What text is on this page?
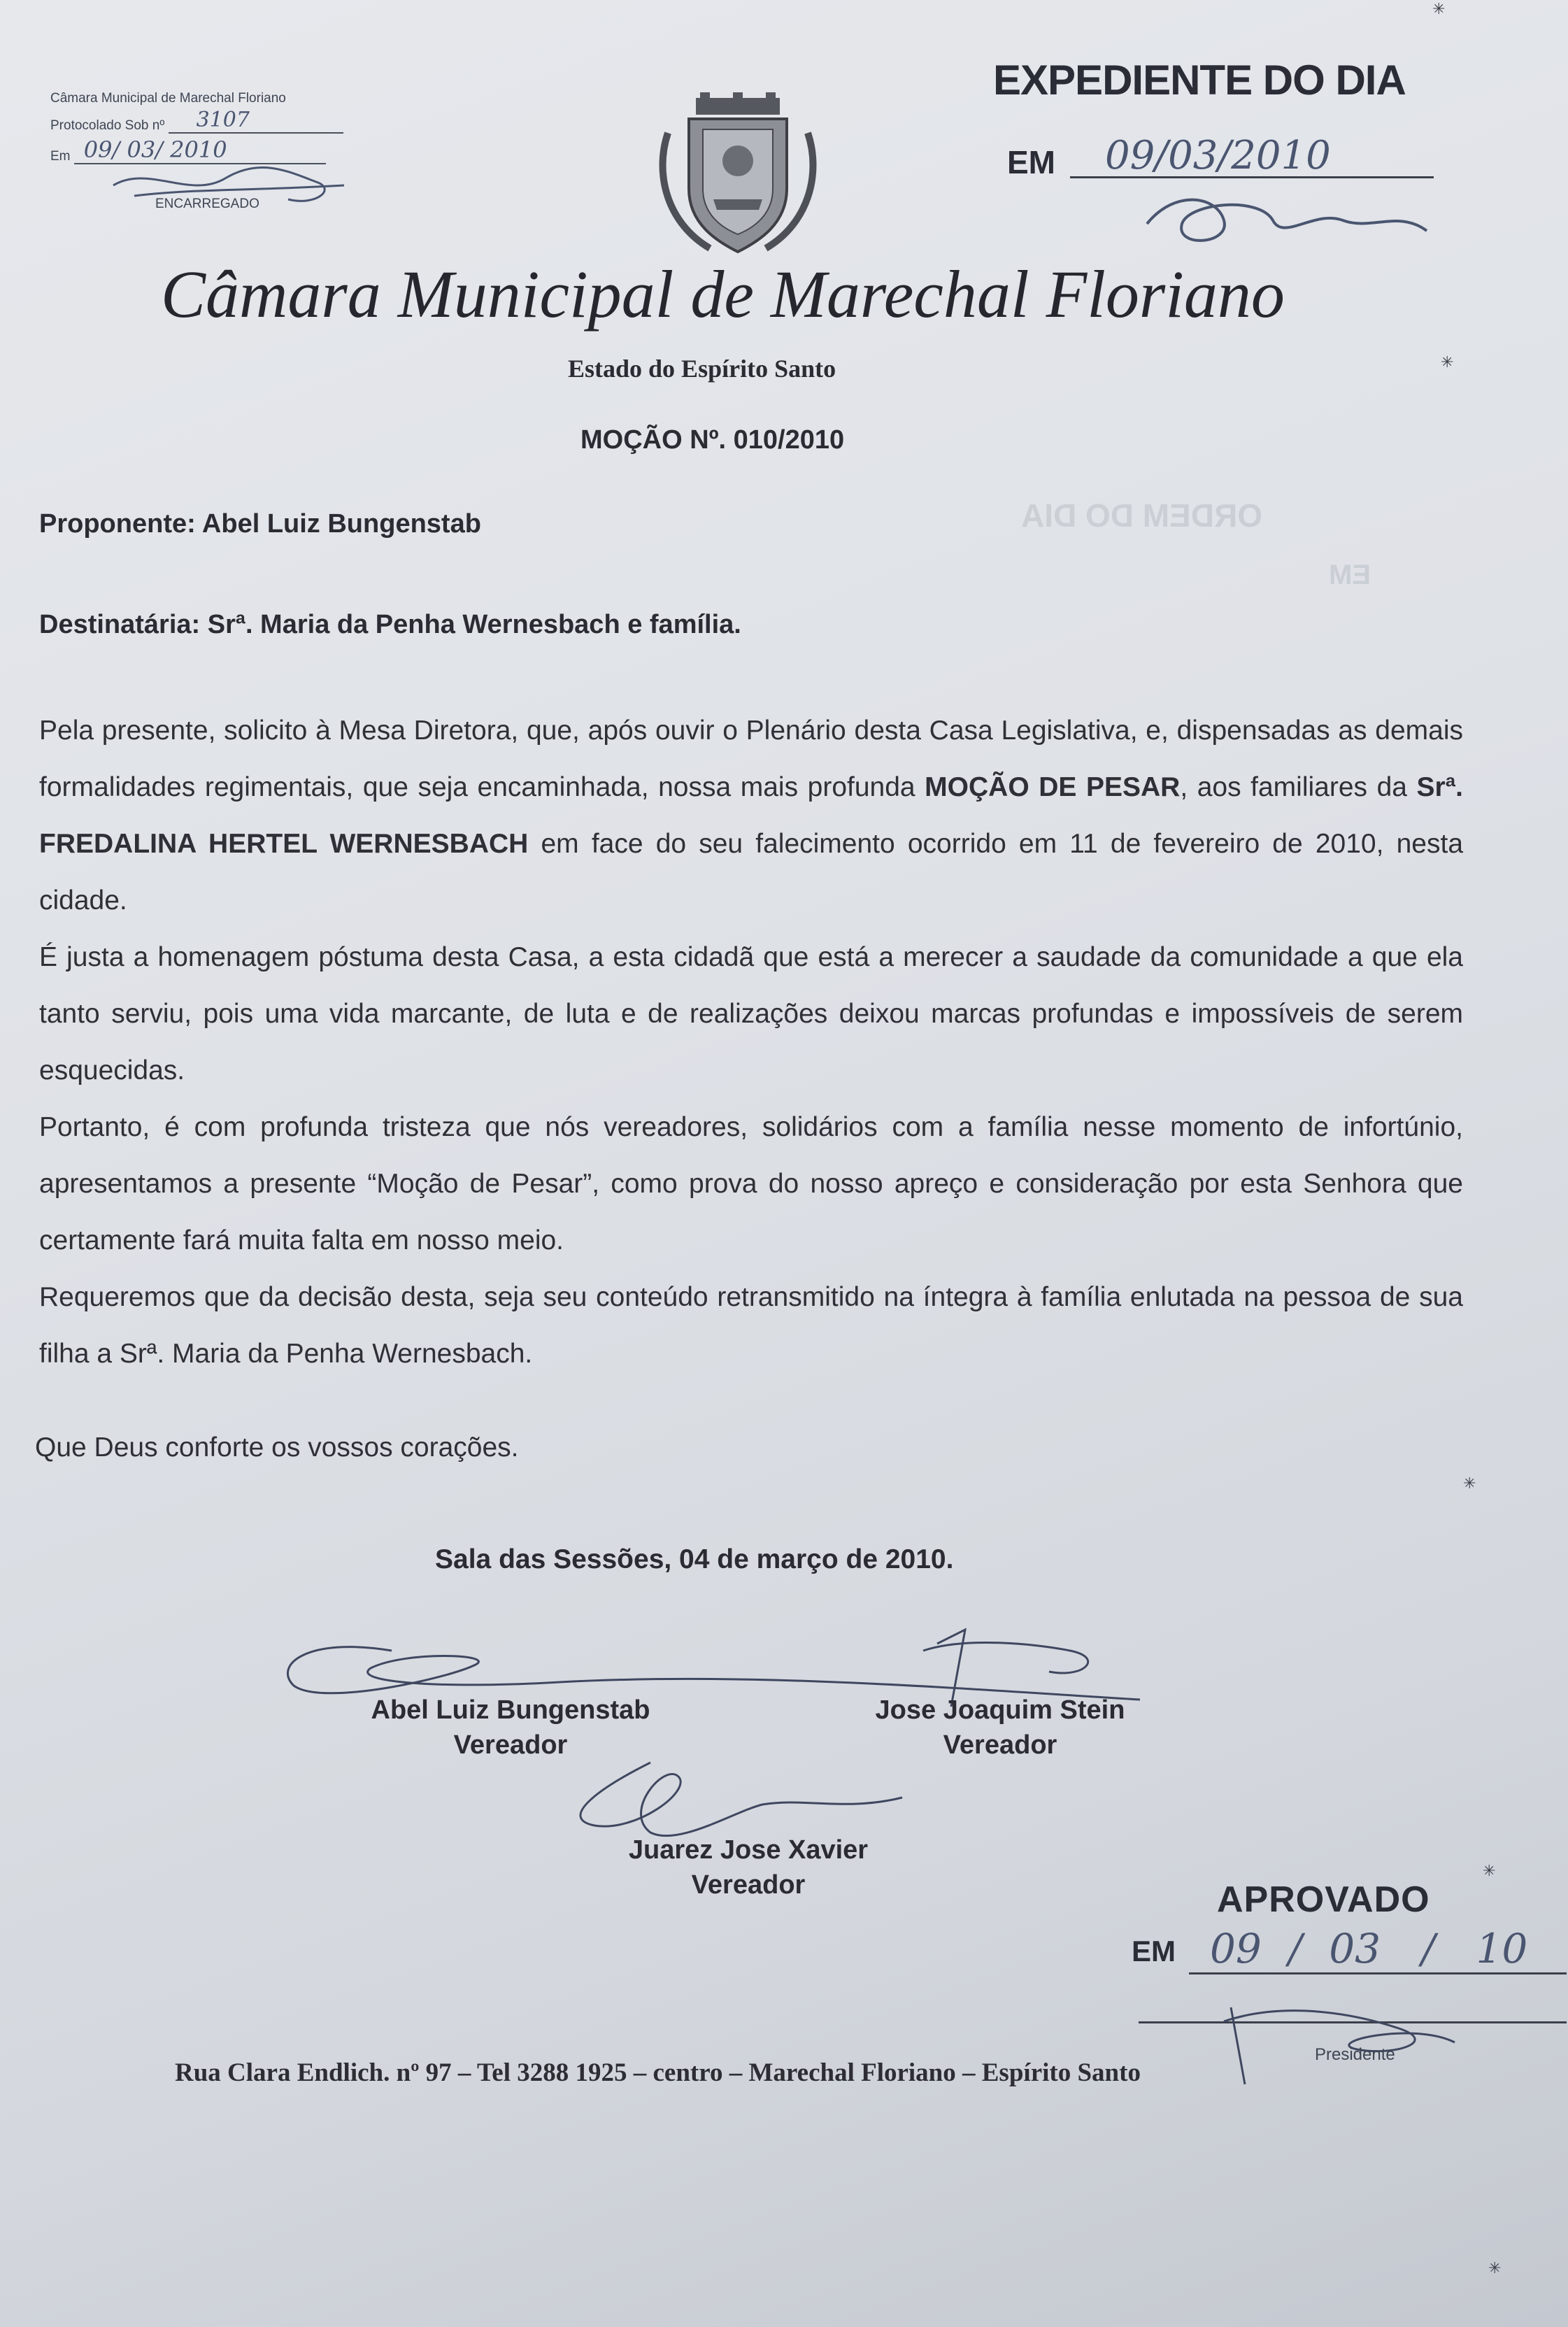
ORDEM DO DIA
EM
Câmara Municipal de Marechal Floriano
Protocolado Sob nº 3107
Em 09/ 03/ 2010
ENCARREGADO
EXPEDIENTE DO DIA
EM 09/03/2010
Câmara Municipal de Marechal Floriano
Estado do Espírito Santo
MOÇÃO Nº. 010/2010
Proponente: Abel Luiz Bungenstab
Destinatária: Srª. Maria da Penha Wernesbach e família.

Pela presente, solicito à Mesa Diretora, que, após ouvir o Plenário desta Casa Legislativa, e, dispensadas as demais formalidades regimentais, que seja encaminhada, nossa mais profunda MOÇÃO DE PESAR, aos familiares da Srª. FREDALINA HERTEL WERNESBACH em face do seu falecimento ocorrido em 11 de fevereiro de 2010, nesta cidade.

É justa a homenagem póstuma desta Casa, a esta cidadã que está a merecer a saudade da comunidade a que ela tanto serviu, pois uma vida marcante, de luta e de realizações deixou marcas profundas e impossíveis de serem esquecidas.

Portanto, é com profunda tristeza que nós vereadores, solidários com a família nesse momento de infortúnio, apresentamos a presente “Moção de Pesar”, como prova do nosso apreço e consideração por esta Senhora que certamente fará muita falta em nosso meio.

Requeremos que da decisão desta, seja seu conteúdo retransmitido na íntegra à família enlutada na pessoa de sua filha a Srª. Maria da Penha Wernesbach.

Que Deus conforte os vossos corações.
Sala das Sessões, 04 de março de 2010.
Abel Luiz Bungenstab
Vereador
Jose Joaquim Stein
Vereador
Juarez Jose Xavier
Vereador	APROVADO
EM 09 / 03 / 10
Presidente
Rua Clara Endlich. nº 97 – Tel 3288 1925 – centro – Marechal Floriano – Espírito Santo
✳
✳
✳
✳
✳
